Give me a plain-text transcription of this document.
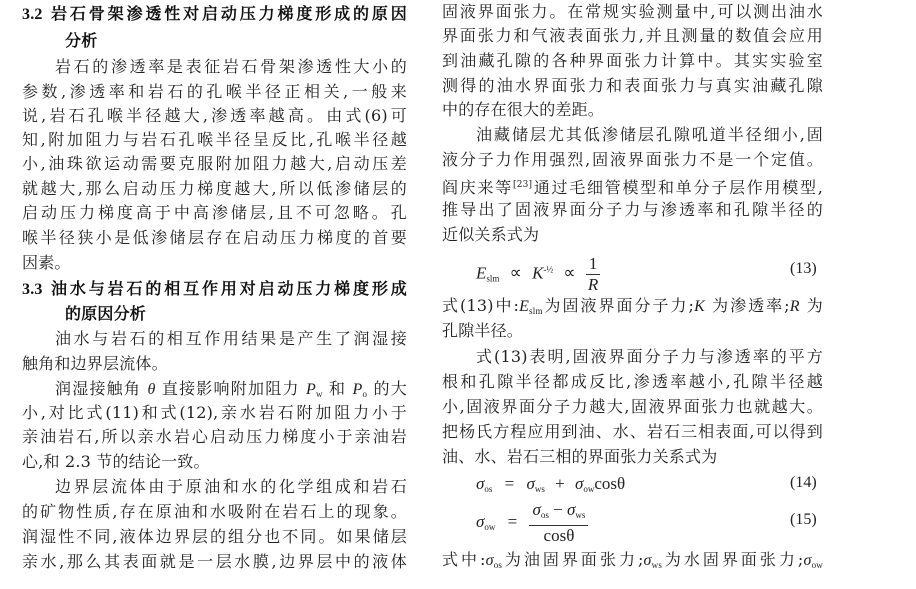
3.2 岩石骨架渗透性对启动压力梯度形成的原因
分析
岩石的渗透率是表征岩石骨架渗透性大小的
参数,渗透率和岩石的孔喉半径正相关,一般来
说,岩石孔喉半径越大,渗透率越高。由式(6)可
知,附加阻力与岩石孔喉半径呈反比,孔喉半径越
小,油珠欲运动需要克服附加阻力越大,启动压差
就越大,那么启动压力梯度越大,所以低渗储层的
启动压力梯度高于中高渗储层,且不可忽略。孔
喉半径狭小是低渗储层存在启动压力梯度的首要
因素。
3.3 油水与岩石的相互作用对启动压力梯度形成
的原因分析
油水与岩石的相互作用结果是产生了润湿接
触角和边界层流体。
润湿接触角 θ 直接影响附加阻力 $P_w$ 和 $P_o$ 的大
小,对比式(11)和式(12),亲水岩石附加阻力小于
亲油岩石,所以亲水岩心启动压力梯度小于亲油岩
心,和 2.3 节的结论一致。
边界层流体由于原油和水的化学组成和岩石
的矿物性质,存在原油和水吸附在岩石上的现象。
润湿性不同,液体边界层的组分也不同。如果储层
亲水,那么其表面就是一层水膜,边界层中的液体
固液界面张力。在常规实验测量中,可以测出油水
界面张力和气液表面张力,并且测量的数值会应用
到油藏孔隙的各种界面张力计算中。其实实验室
测得的油水界面张力和表面张力与真实油藏孔隙
中的存在很大的差距。
油藏储层尤其低渗储层孔隙吼道半径细小,固
液分子力作用强烈,固液界面张力不是一个定值。
阎庆来等[23]通过毛细管模型和单分子层作用模型,
推导出了固液界面分子力与渗透率和孔隙半径的
近似关系式为
式(13)中$:E_{slm}$为固液界面分子力;K 为渗透率;R 为
孔隙半径。
式(13)表明,固液界面分子力与渗透率的平方
根和孔隙半径都成反比,渗透率越小,孔隙半径越
小,固液界面分子力越大,固液界面张力也就越大。
把杨氏方程应用到油、水、岩石三相表面,可以得到
油、水、岩石三相的界面张力关系式为
式中$:\sigma_{os}$为油固界面张力$;\sigma_{ws}$为水固界面张力$;\sigma_{ow}$
$E_{slm} \propto K^{-\frac{1}{2}} \propto \frac{1}{R}$	(13)
$\sigma_{os} = \sigma_{ws} + \sigma_{ow}\cos\theta$	(14)
$\sigma_{ow} = \frac{\sigma_{os} - \sigma_{ws}}{\cos\theta}$	(15)
